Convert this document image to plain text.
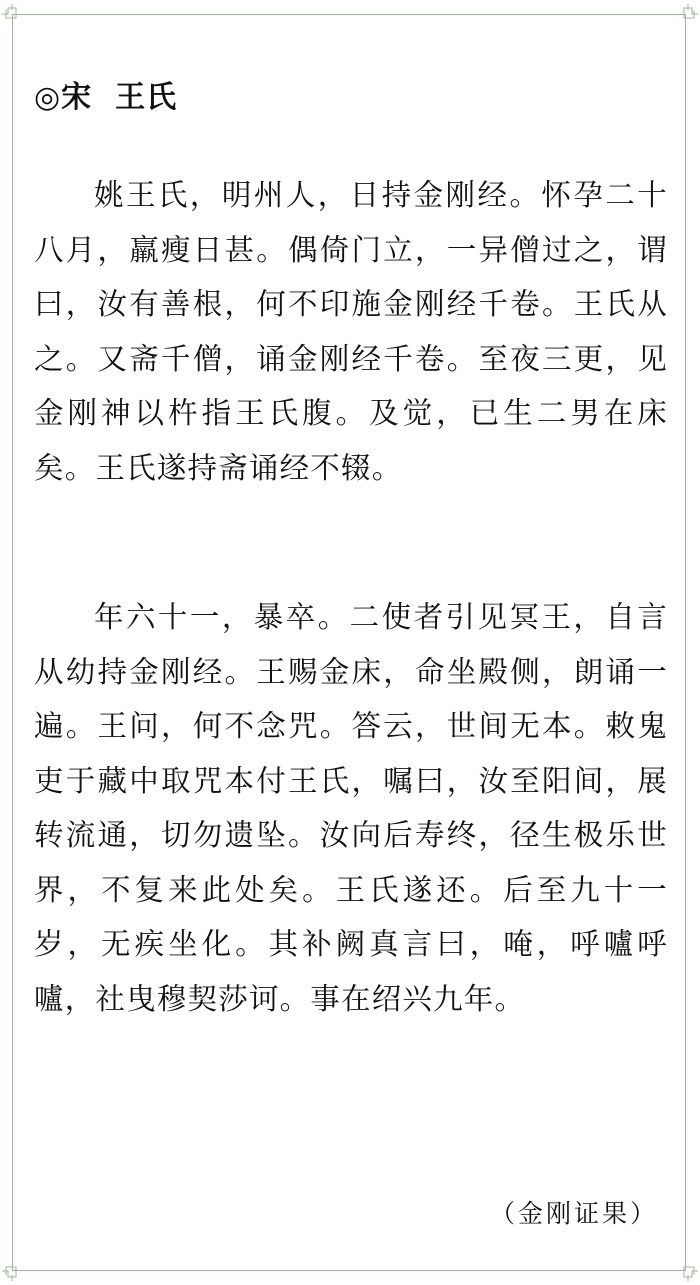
◎宋  王氏

姚王氏，明州人，日持金刚经。怀孕二十八月，羸瘦日甚。偶倚门立，一异僧过之，谓曰，汝有善根，何不印施金刚经千卷。王氏从之。又斋千僧，诵金刚经千卷。至夜三更，见金刚神以杵指王氏腹。及觉，已生二男在床矣。王氏遂持斋诵经不辍。

年六十一，暴卒。二使者引见冥王，自言从幼持金刚经。王赐金床，命坐殿侧，朗诵一遍。王问，何不念咒。答云，世间无本。敕鬼吏于藏中取咒本付王氏，嘱曰，汝至阳间，展转流通，切勿遗坠。汝向后寿终，径生极乐世界，不复来此处矣。王氏遂还。后至九十一岁，无疾坐化。其补阙真言曰，唵，呼嚧呼嚧，社曳穆契莎诃。事在绍兴九年。

（金刚证果）
